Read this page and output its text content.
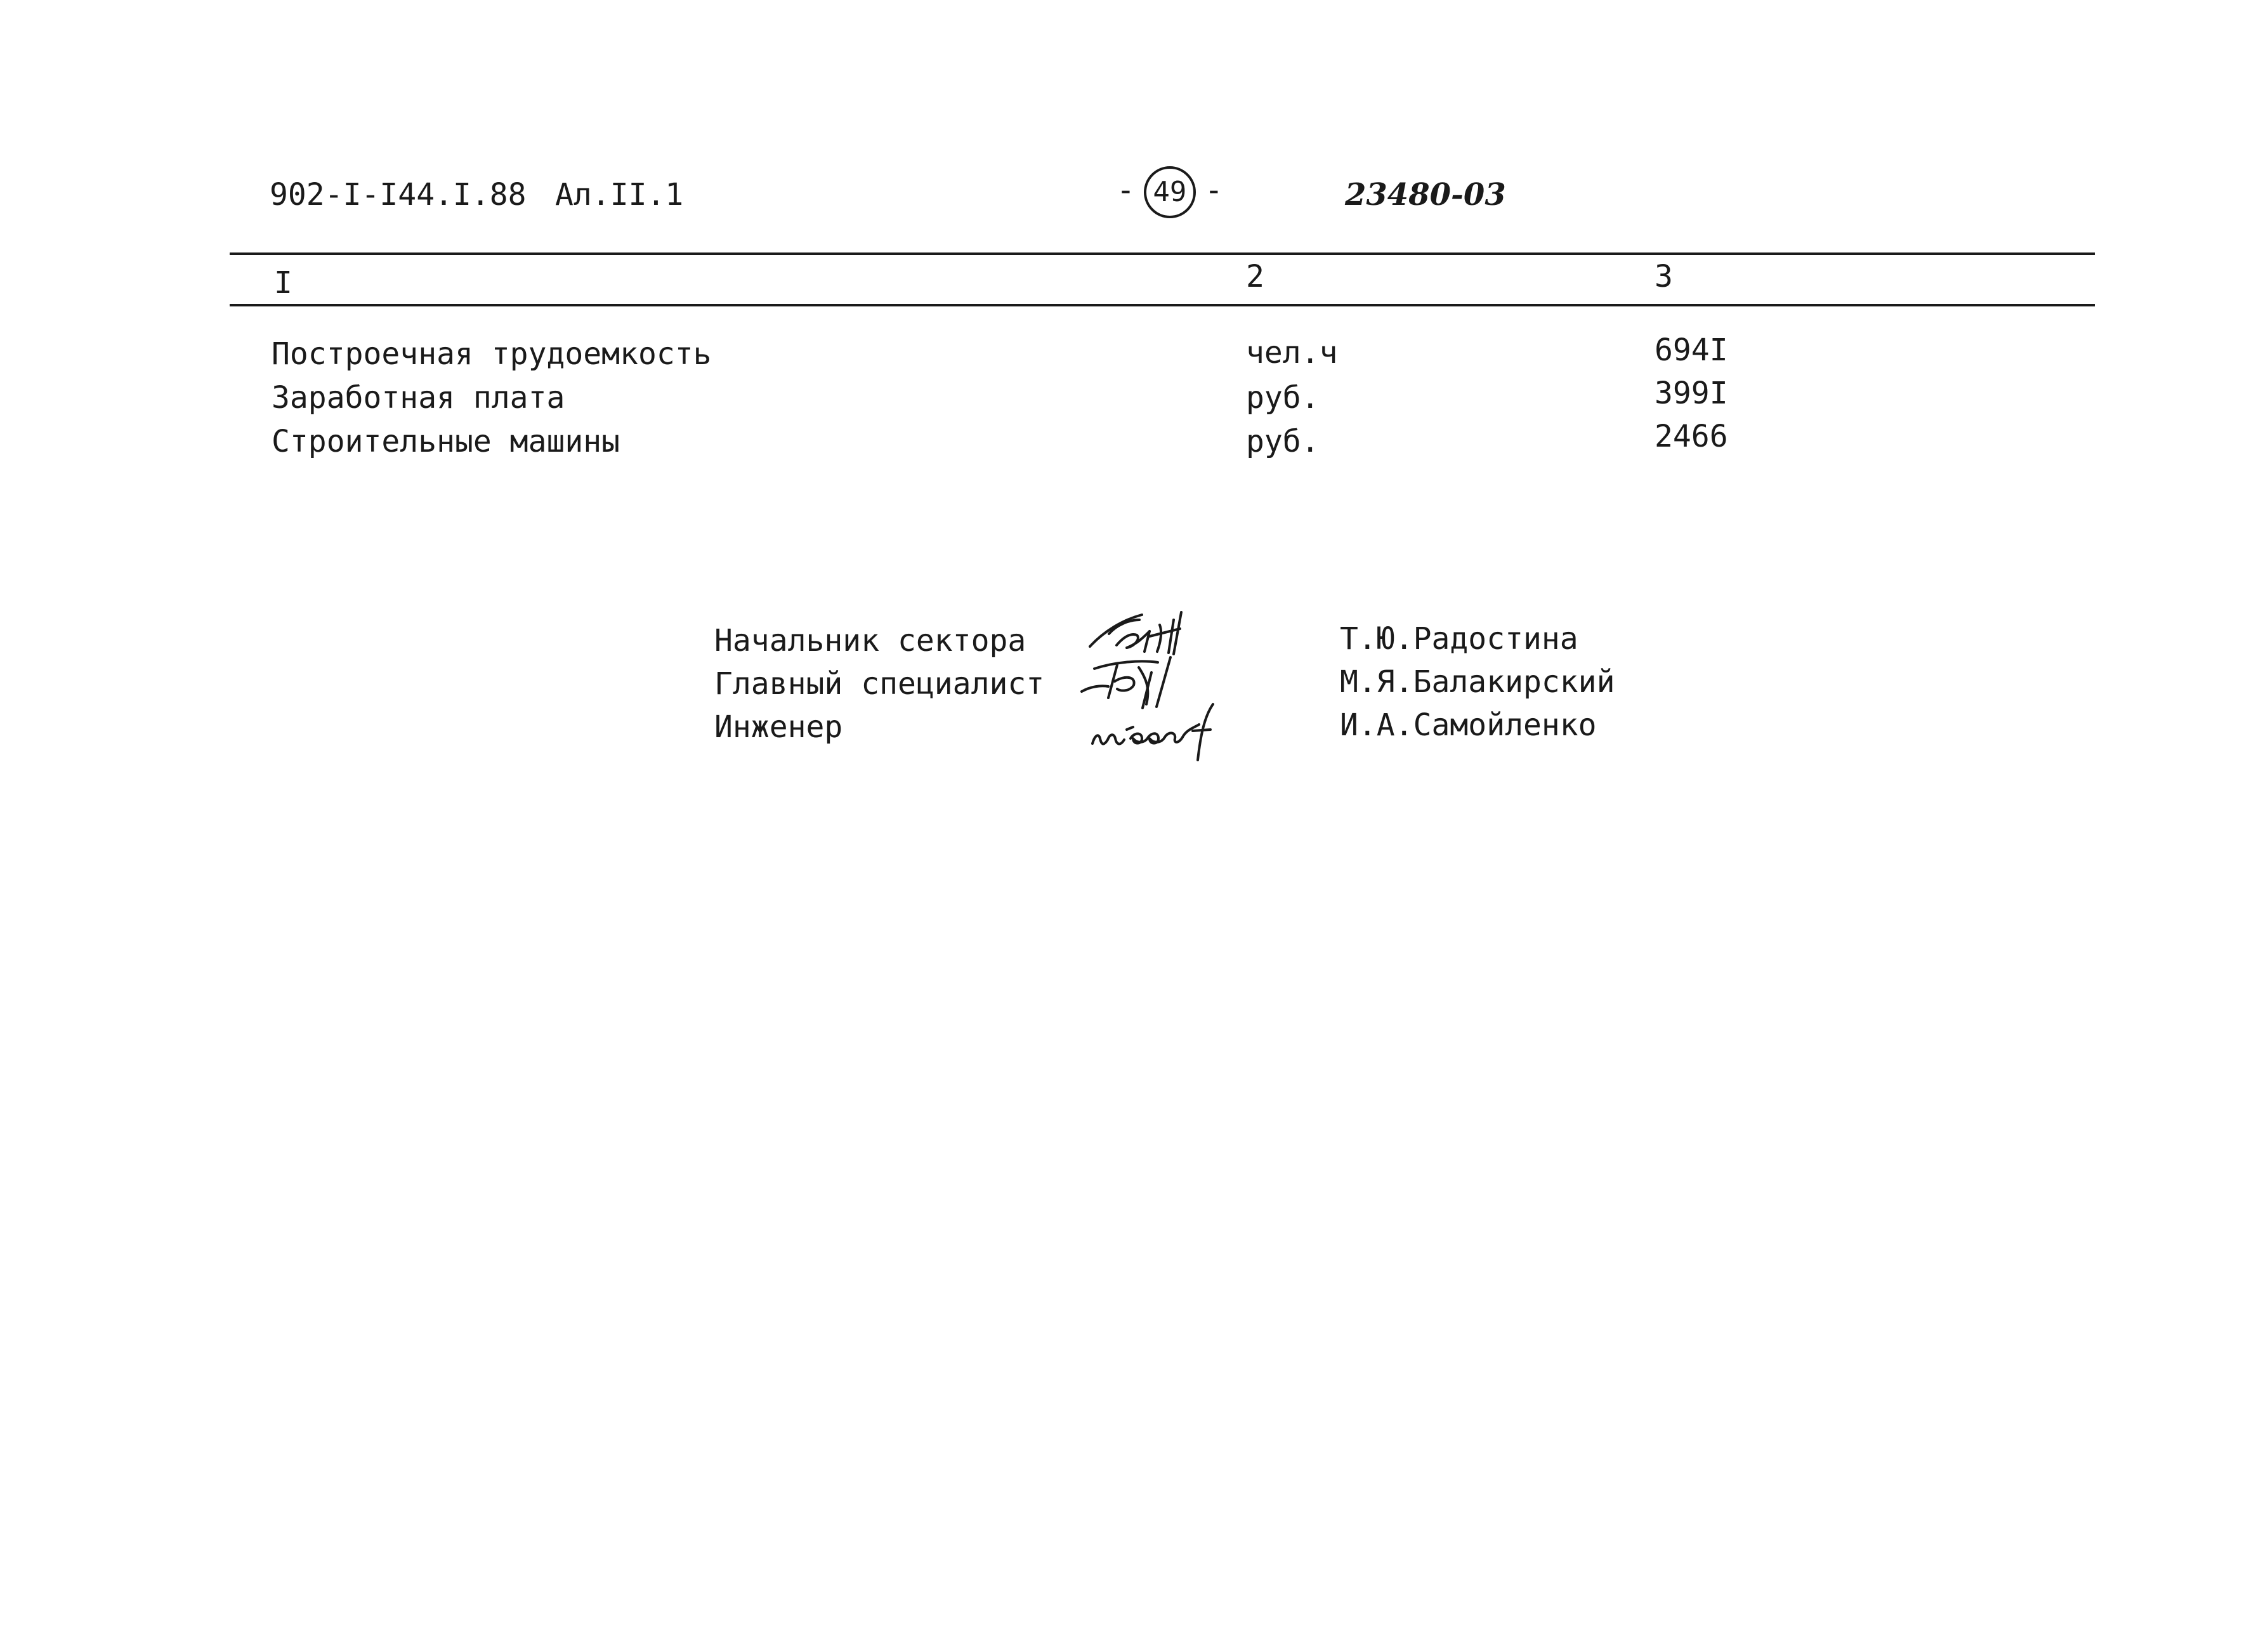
902-I-I44.I.88 Ал.II.1	- 49 -	23480-03
I	2	3
Построечная трудоемкость	чел.ч	694I
Заработная плата	руб.	399I
Строительные машины	руб.	2466
Начальник сектора	Т.Ю.Радостина
Главный специалист	М.Я.Балакирский
Инженер	И.А.Самойленко
